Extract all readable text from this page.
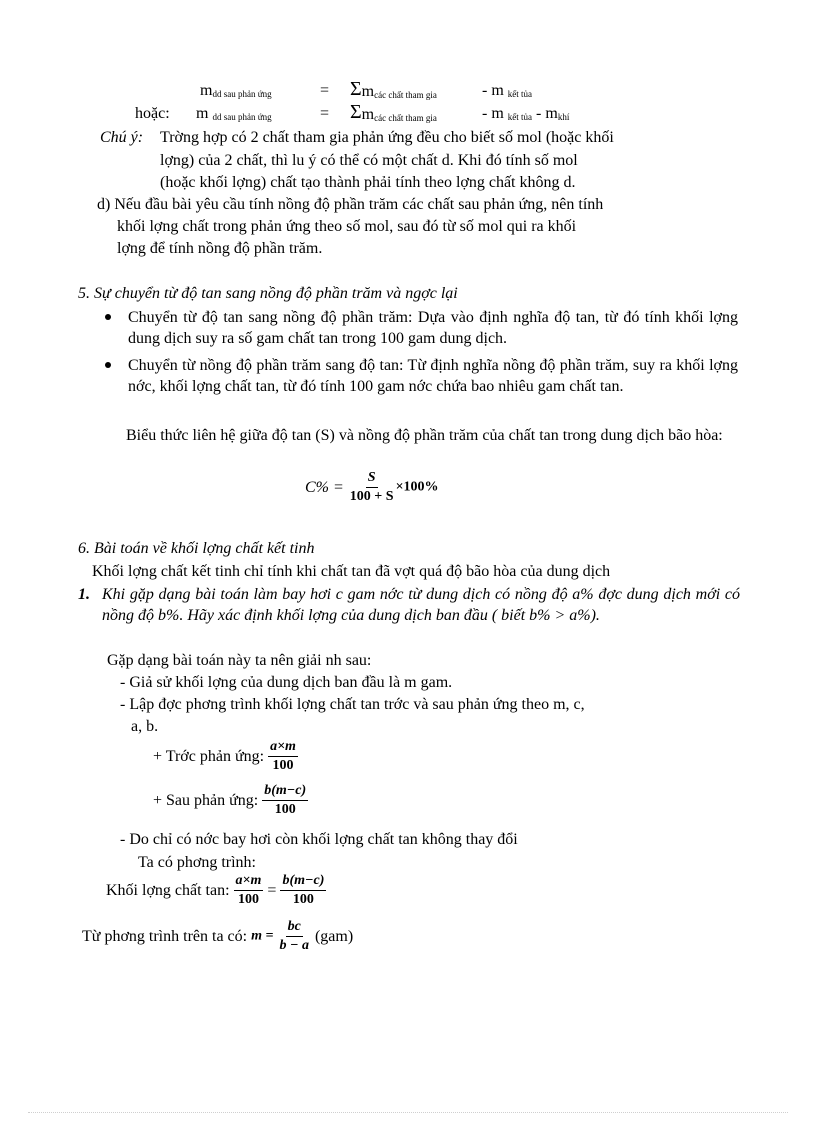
$m_{dd sau phản ứng}$	= $\Sigma m_{các chất tham gia}$	- m $_{kết tủa}$
hoặc: m $_{dd sau phản ứng}$	= $\Sigma m_{các chất tham gia}$	- m $_{kết tủa} - m_{khí}$
Chú ý: Trờng hợp có 2 chất tham gia phản ứng đều cho biết số mol (hoặc khối
lợng) của 2 chất, thì lu ý có thể có một chất d. Khi đó tính số mol
(hoặc khối lợng) chất tạo thành phải tính theo lợng chất không d.
d) Nếu đầu bài yêu cầu tính nồng độ phần trăm các chất sau phản ứng, nên tính
khối lợng chất trong phản ứng theo số mol, sau đó từ số mol qui ra khối
lợng để tính nồng độ phần trăm.
5. Sự chuyển từ độ tan sang nồng độ phần trăm và ngợc lại
Chuyển từ độ tan sang nồng độ phần trăm: Dựa vào định nghĩa độ tan, từ đó tính khối lợng dung dịch suy ra số gam chất tan trong 100 gam dung dịch.
Chuyển từ nồng độ phần trăm sang độ tan: Từ định nghĩa nồng độ phần trăm, suy ra khối lợng nớc, khối lợng chất tan, từ đó tính 100 gam nớc chứa bao nhiêu gam chất tan.
Biểu thức liên hệ giữa độ tan (S) và nồng độ phần trăm của chất tan trong dung dịch bão hòa:
$C\% = \frac{S}{100 + S} \times 100\%$
6. Bài toán về khối lợng chất kết tinh
Khối lợng chất kết tinh chỉ tính khi chất tan đã vợt quá độ bão hòa của dung dịch
1. Khi gặp dạng bài toán làm bay hơi c gam nớc từ dung dịch có nồng độ a% đợc dung dịch mới có nồng độ b%. Hãy xác định khối lợng của dung dịch ban đầu ( biết b% > a%).
Gặp dạng bài toán này ta nên giải nh sau:
- Giả sử khối lợng của dung dịch ban đầu là m gam.
- Lập đợc phơng trình khối lợng chất tan trớc và sau phản ứng theo m, c,
a, b.
+ Trớc phản ứng: $\frac{a\times m}{100}$
+ Sau phản ứng: $\frac{b(m-c)}{100}$
- Do chỉ có nớc bay hơi còn khối lợng chất tan không thay đổi
Ta có phơng trình:
Khối lợng chất tan: $\frac{a\times m}{100} = \frac{b(m-c)}{100}$
Từ phơng trình trên ta có: $m = \frac{bc}{b - a} (gam)$
